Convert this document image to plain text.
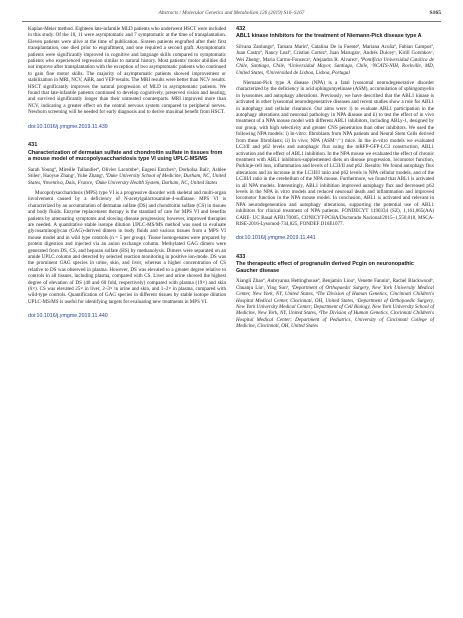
Abstracts / Molecular Genetics and Metabolism 126 (2019) S16–S167	S165

Kaplan-Meier method. Eighteen late-infantile MLD patients who underwent HSCT were included in this study. Of the 18, 11 were asymptomatic and 7 symptomatic at the time of transplantation. Eleven patients were alive at the time of publication. Sixteen patients engrafted after their first transplantation, one died prior to engraftment, and one required a second graft. Asymptomatic patients were significantly improved in cognitive and language skills compared to symptomatic patients who experienced regression similar to natural history. Most patients' motor abilities did not improve after transplantation with the exception of two asymptomatic patients who continued to gain fine motor skills. The majority of asymptomatic patients showed improvement or stabilization in MRI, NCV, ABR, and VEP results. The MRI results were better than NCV results. HSCT significantly improves the natural progression of MLD in asymptomatic patients. We found that late-infantile patients continued to develop cognitively, preserved vision and hearing, and survived significantly longer than their untreated counterparts. MRI improved more than NCV, indicating a greater effect on the central nervous system compared to peripheral nerves. Newborn screening will be needed for early diagnosis and to derive maximal benefit from HSCT.

doi:10.1016/j.ymgme.2019.11.439
431
Characterization of dermatan sulfate and chondroitin sulfate in tissues from a mouse model of mucopolysaccharidosis type VI using UPLC-MS/MS

Sarah Youngª, Mireille Tallandierª, Olivier Lacombeᵇ, Eugeni Entchevᵇ, Dorkolsa Baliᶜ, Ashlee Stilesᶜ, Haoyue Zhangᶜ, Yuhe Zhangᶜ, ªDuke University School of Medicine, Durham, NC, United States, ᵇInventiva, Daix, France, ᶜDuke University Health System, Durham, NC, United States

Mucopolysaccharidosis (MPS) type VI is a progressive disorder with skeletal and multi-organ involvement caused by a deficiency of N-acetylgalactosamine-4-sulfatase. MPS VI is characterized by an accumulation of dermatan sulfate (DS) and chondroitin sulfate (CS) in tissues and body fluids. Enzyme replacement therapy is the standard of care for MPS VI and benefits patients by attenuating symptoms and slowing disease progression; however, improved therapies are needed. A quantitative stable isotope dilution UPLC-MS/MS method was used to evaluate glycosaminoglycan (GAG)-derived dimers in body fluids and various tissues from a MPS VI mouse model and in wild type controls (n = 5 per group). Tissue homogenates were prepared by protein digestion and injected via an anion exchange column. Methylated GAG dimers were generated from DS, CS, and heparan sulfate (HS) by methanolysis. Dimers were separated on an amide UPLC column and detected by selected reaction monitoring in positive ion-mode. DS was the prominent GAG species in urine, skin, and liver, whereas a higher concentration of CS relative to DS was observed in plasma. However, DS was elevated to a greater degree relative to controls in all tissues, including plasma, compared with CS. Liver and urine showed the highest degree of elevation of DS (40 and 60 fold, respectively) compared with plasma (19×) and skin (6×). CS was elevated 25× in liver, 2–3× in urine and skin, and 1–2× in plasma, compared with wild-type controls. Quantification of GAG species in different tissues by stable isotope dilution UPLC-MS/MS is useful for identifying targets for evaluating new treatments in MPS VI.

doi:10.1016/j.ymgme.2019.11.440
432
ABL1 kinase inhibitors for the treatment of Niemann-Pick disease type A

Silvana Zanlungoª, Tamara Marínª, Catalina De la Fuenteª, Mariana Acuñaª, Fabian Camposª, Juan Castroª, Nancy Lealª, Cristian Cortezᵇ, Juan Maruganᶜ, Andrés Dulceyᶜ, Kirill Gorshkovᶜ, Wei Zhengᶜ, Maria Carmo-Fonsecaᵈ, Alejandra R. Alvarezᵉ, ªPontificia Universidad Católica de Chile, Santiago, Chile, ᵇUniversidad Mayor, Santiago, Chile, ᶜNCATS-NIH, Rockville, MD, United States, ᵈUniversidad de Lisboa, Lisboa, Portugal

Niemann-Pick type A disease (NPA) is a fatal lysosomal neurodegenerative disorder characterized by the deficiency in acid sphingomyelinase (ASM), accumulation of sphingomyelin in lysosomes and autophagy alterations. Previously, we have described that the ABL1 kinase is activated in other lysosomal neurodegenerative diseases and recent studies show a role for ABL1 in autophagy and cellular clearance. Our aims were: i) to evaluate ABL1 participation in the autophagy alterations and neuronal pathology in NPA disease and ii) to test the effect of in vivo treatment of a NPA mouse model with different ABL1 inhibitors, including ABLy-1, designed by our group, with high selectivity and greater CNS penetration than other inhibitors. We used the following NPA models: i) In-vitro: fibroblasts from NPA patients and Neural Stem Cells derived from these fibroblasts; ii) In vivo; NPA (ASM⁻/⁻) mice. In the in-vitro models we evaluated LC3/II and p62 levels and autophagic flux using the mRFP-GFP-LC3 construction, ABL1 activation and the effect of ABL1 inhibition. In the NPA mouse we evaluated the effect of chronic treatment with ABL1 inhibitors-supplemented diets on disease progression, locomotor function, Purkinje-cell loss, inflammation and levels of LC3I/II and p62. Results: We found autophagy flux alterations and an increase in the LC3II/I ratio and p62 levels in NPA cellular models, and of the LC3II/I ratio in the cerebellum of the NPA mouse. Furthermore, we found that ABL1 is activated in all NPA models. Interestingly, ABL1 inhibition improved autophagy flux and decreased p62 levels in the NPA in vitro models and reduced neuronal death and inflammation and improved locomotor function in the NPA mouse model. In conclusion, ABL1 is activated and relevant in NPA neurodegeneration and autophagy alterations, supporting the potential use of ABL1 inhibitors for clinical treatment of NPA patients. FONDECYT 1190334 (SZ), 1,161,065(AA) CARE- UC Basal AFB170005, CONICYT-PCHA/Doctorado Nacional/2015–1,550,018, MSCA-RISE-2016-Lysomod-734,825, FONDEF D10E1077.

doi:10.1016/j.ymgme.2019.11.441
433
The therapeutic effect of progranulin derived Pcgin on neuronopathic Gaucher disease

Xiangli Zhaoª, Aubryanna Hettinghouseª, Benjamin Liouᵇ, Venette Fanninᵇ, Rachel Blackwoodᵇ, Chuanju Liuᶜ, Ying Sunᵇ, ªDepartment of Orthopaedic Surgery, New York University Medical Center, New York, NY, United States, ᵇThe Division of Human Genetics, Cincinnati Children's Hospital Medical Center, Cincinnati, OH, United States, ᶜDepartment of Orthopaedic Surgery, New York University Medical Center; Department of Cell Biology, New York University School of Medicine, New York, NY, United States, ᵈThe Division of Human Genetics, Cincinnati Children's Hospital Medical Center; Department of Pediatrics, University of Cincinnati College of Medicine, Cincinnati, OH, United States
